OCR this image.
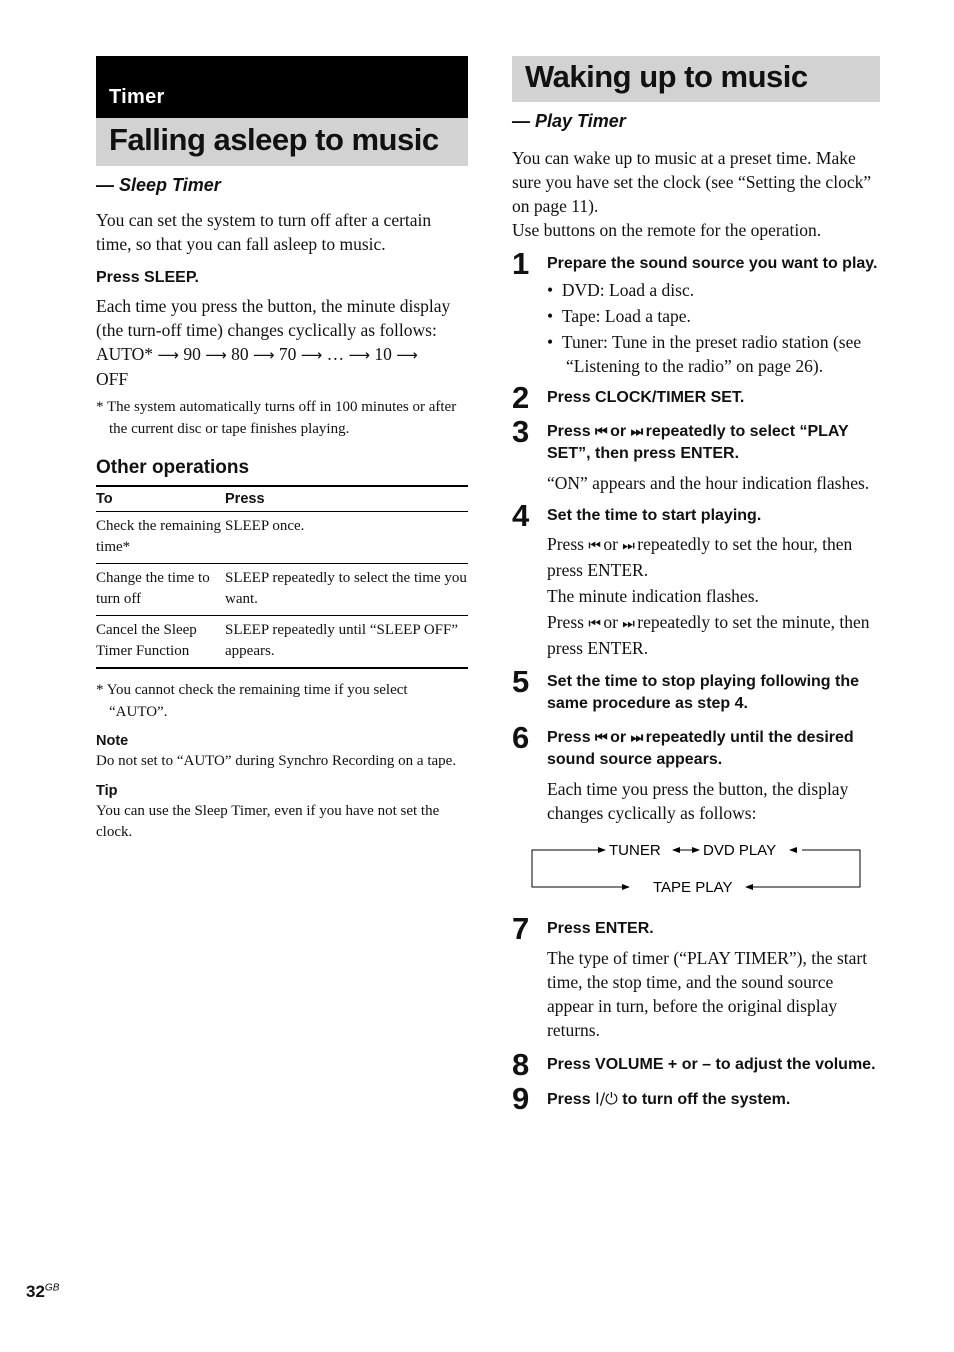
Timer
Falling asleep to music
— Sleep Timer

You can set the system to turn off after a certain time, so that you can fall asleep to music.

Press SLEEP.

Each time you press the button, the minute display (the turn-off time) changes cyclically as follows:

AUTO* ⟶ 90 ⟶ 80 ⟶ 70 ⟶ … ⟶ 10 ⟶
OFF

* The system automatically turns off in 100 minutes or after the current disc or tape finishes playing.

Other operations
To	Press
Check the remaining time*	SLEEP once.
Change the time to turn off	SLEEP repeatedly to select the time you want.
Cancel the Sleep Timer Function	SLEEP repeatedly until “SLEEP OFF” appears.

* You cannot check the remaining time if you select “AUTO”.

Note

Do not set to “AUTO” during Synchro Recording on a tape.

Tip

You can use the Sleep Timer, even if you have not set the clock.

Waking up to music
— Play Timer

You can wake up to music at a preset time. Make sure you have set the clock (see “Setting the clock” on page 11).

Use buttons on the remote for the operation.

1 Prepare the sound source you want to play.
•  DVD: Load a disc.
•  Tape: Load a tape.
•  Tuner: Tune in the preset radio station (see “Listening to the radio” on page 26).
2 Press CLOCK/TIMER SET.
3 Press ⏮ or ⏭ repeatedly to select “PLAY SET”, then press ENTER.

“ON” appears and the hour indication flashes.

4 Set the time to start playing.

Press ⏮ or ⏭ repeatedly to set the hour, then press ENTER.

The minute indication flashes.

Press ⏮ or ⏭ repeatedly to set the minute, then press ENTER.

5 Set the time to stop playing following the same procedure as step 4.
6 Press ⏮ or ⏭ repeatedly until the desired sound source appears.

Each time you press the button, the display changes cyclically as follows:

TUNER	DVD PLAY
TAPE PLAY
7 Press ENTER.

The type of timer (“PLAY TIMER”), the start time, the stop time, and the sound source appear in turn, before the original display returns.

8 Press VOLUME + or – to adjust the volume.
9 Press I/⏻ to turn off the system.
$32^{GB}$
